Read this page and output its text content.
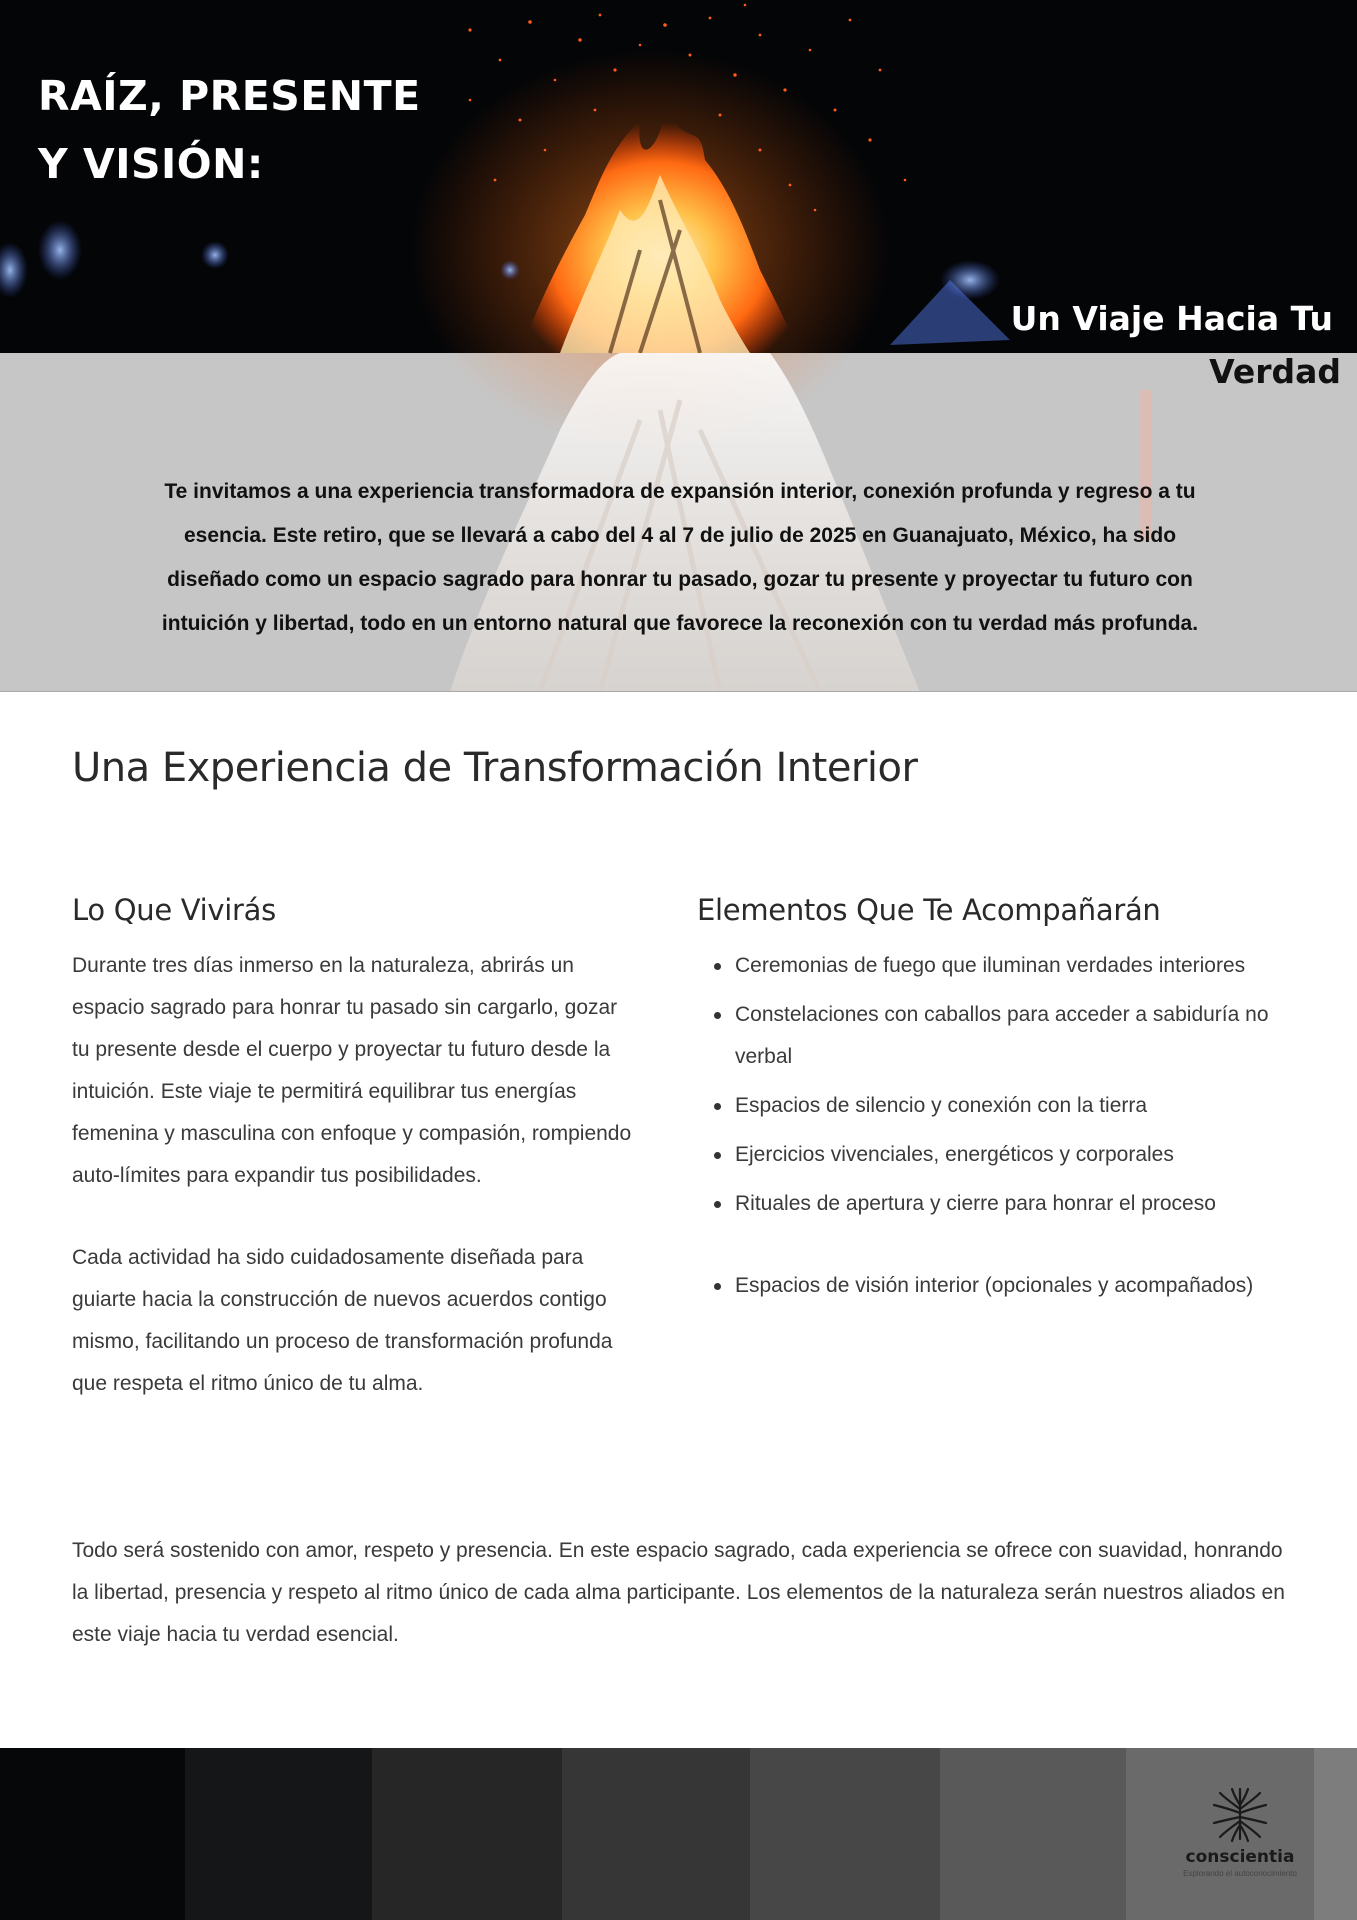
RAÍZ, PRESENTE
Y VISIÓN:
Un Viaje Hacia Tu
Verdad

Te invitamos a una experiencia transformadora de expansión interior, conexión profunda y regreso a tu esencia. Este retiro, que se llevará a cabo del 4 al 7 de julio de 2025 en Guanajuato, México, ha sido diseñado como un espacio sagrado para honrar tu pasado, gozar tu presente y proyectar tu futuro con intuición y libertad, todo en un entorno natural que favorece la reconexión con tu verdad más profunda.

Una Experiencia de Transformación Interior
Lo Que Vivirás

Durante tres días inmerso en la naturaleza, abrirás un espacio sagrado para honrar tu pasado sin cargarlo, gozar tu presente desde el cuerpo y proyectar tu futuro desde la intuición. Este viaje te permitirá equilibrar tus energías femenina y masculina con enfoque y compasión, rompiendo auto-límites para expandir tus posibilidades.

Cada actividad ha sido cuidadosamente diseñada para guiarte hacia la construcción de nuevos acuerdos contigo mismo, facilitando un proceso de transformación profunda que respeta el ritmo único de tu alma.

Elementos Que Te Acompañarán
Ceremonias de fuego que iluminan verdades interiores
Constelaciones con caballos para acceder a sabiduría no verbal
Espacios de silencio y conexión con la tierra
Ejercicios vivenciales, energéticos y corporales
Rituales de apertura y cierre para honrar el proceso
Espacios de visión interior (opcionales y acompañados)

Todo será sostenido con amor, respeto y presencia. En este espacio sagrado, cada experiencia se ofrece con suavidad, honrando la libertad, presencia y respeto al ritmo único de cada alma participante. Los elementos de la naturaleza serán nuestros aliados en este viaje hacia tu verdad esencial.

conscientia
Explorando el autoconocimiento
